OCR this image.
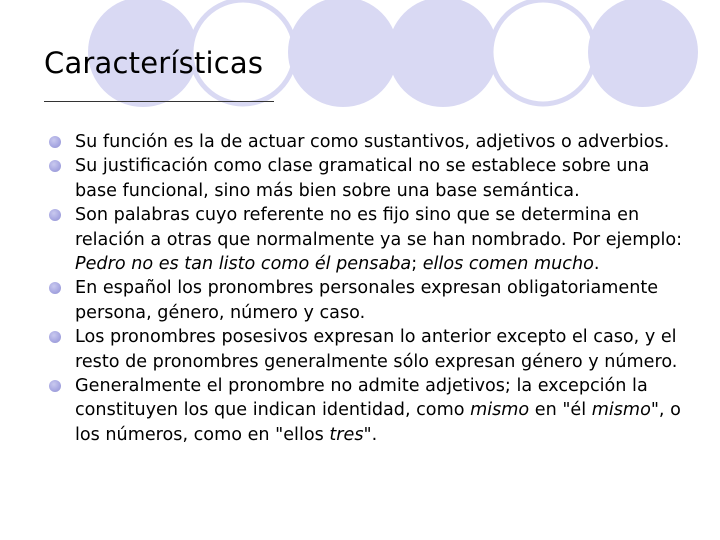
Características
Su función es la de actuar como sustantivos, adjetivos o adverbios.
Su justificación como clase gramatical no se establece sobre una base funcional, sino más bien sobre una base semántica.
Son palabras cuyo referente no es fijo sino que se determina en relación a otras que normalmente ya se han nombrado. Por ejemplo: Pedro no es tan listo como él pensaba; ellos comen mucho.
En español los pronombres personales expresan obligatoriamente persona, género, número y caso.
Los pronombres posesivos expresan lo anterior excepto el caso, y el resto de pronombres generalmente sólo expresan género y número.
Generalmente el pronombre no admite adjetivos; la excepción la constituyen los que indican identidad, como mismo en "él mismo", o los números, como en "ellos tres".
